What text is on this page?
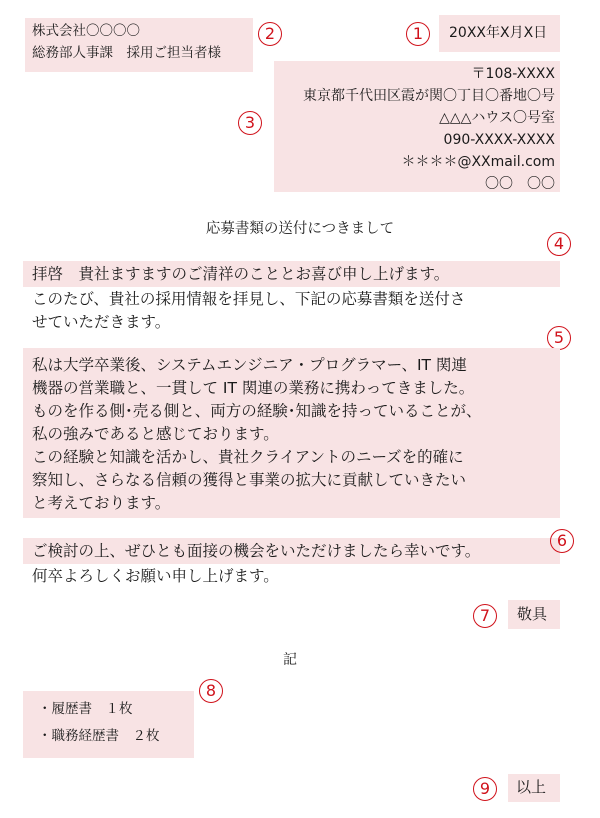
20XX年X月X日
1
株式会社〇〇〇〇
総務部人事課　採用ご担当者様
2
〒108-XXXX
東京都千代田区霞が関〇丁目〇番地〇号
△△△ハウス〇号室
090-XXXX-XXXX
＊＊＊＊@XXmail.com
〇〇　〇〇
3
応募書類の送付につきまして
4
拝啓　貴社ますますのご清祥のこととお喜び申し上げます。
このたび、貴社の採用情報を拝見し、下記の応募書類を送付さ
せていただきます。
5
私は大学卒業後、システムエンジニア・プログラマー、IT 関連
機器の営業職と、一貫して IT 関連の業務に携わってきました。
ものを作る側･売る側と、両方の経験･知識を持っていることが、
私の強みであると感じております。
この経験と知識を活かし、貴社クライアントのニーズを的確に
察知し、さらなる信頼の獲得と事業の拡大に貢献していきたい
と考えております。
ご検討の上、ぜひとも面接の機会をいただけましたら幸いです。
6
何卒よろしくお願い申し上げます。
7	敬具
記
8
・履歴書　１枚
・職務経歴書　２枚
9	以上
